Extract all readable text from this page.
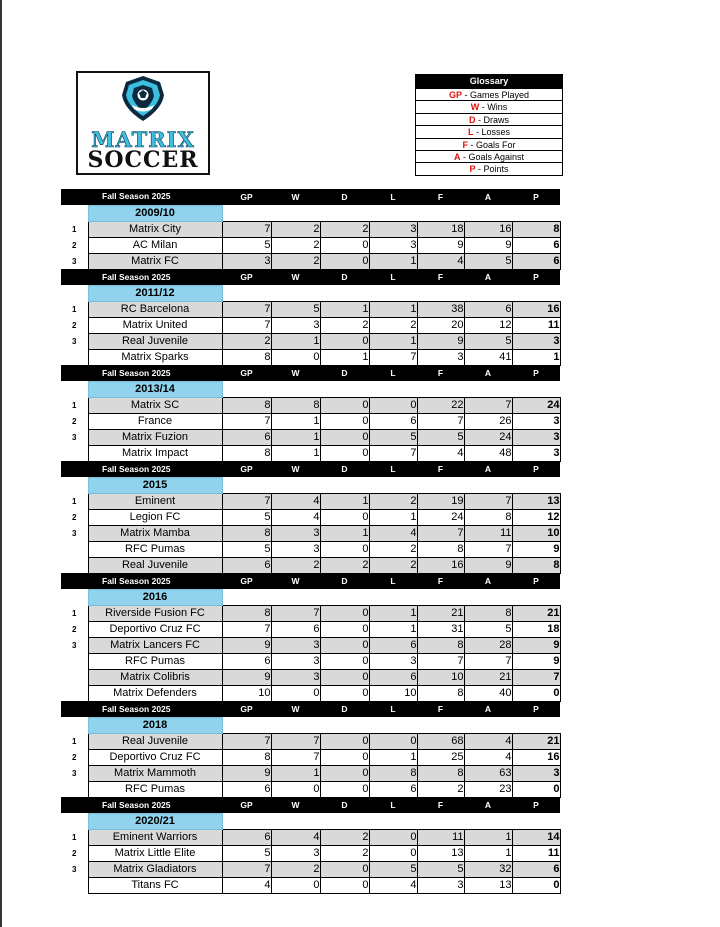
MATRIX
SOCCER
Glossary
GP - Games Played
W - Wins
D - Draws
L - Losses
F - Goals For
A - Goals Against
P - Points
Fall Season 2025		GP	W	D	L	F	A	P
	2009/10							
1	Matrix City	7	2	2	3	18	16	8
2	AC Milan	5	2	0	3	9	9	6
3	Matrix FC	3	2	0	1	4	5	6
Fall Season 2025		GP	W	D	L	F	A	P
	2011/12							
1	RC Barcelona	7	5	1	1	38	6	16
2	Matrix United	7	3	2	2	20	12	11
3	Real Juvenile	2	1	0	1	9	5	3
	Matrix Sparks	8	0	1	7	3	41	1
Fall Season 2025		GP	W	D	L	F	A	P
	2013/14							
1	Matrix SC	8	8	0	0	22	7	24
2	France	7	1	0	6	7	26	3
3	Matrix Fuzion	6	1	0	5	5	24	3
	Matrix Impact	8	1	0	7	4	48	3
Fall Season 2025		GP	W	D	L	F	A	P
	2015							
1	Eminent	7	4	1	2	19	7	13
2	Legion FC	5	4	0	1	24	8	12
3	Matrix Mamba	8	3	1	4	7	11	10
	RFC Pumas	5	3	0	2	8	7	9
	Real Juvenile	6	2	2	2	16	9	8
Fall Season 2025		GP	W	D	L	F	A	P
	2016							
1	Riverside Fusion FC	8	7	0	1	21	8	21
2	Deportivo Cruz FC	7	6	0	1	31	5	18
3	Matrix Lancers FC	9	3	0	6	8	28	9
	RFC Pumas	6	3	0	3	7	7	9
	Matrix Colibris	9	3	0	6	10	21	7
	Matrix Defenders	10	0	0	10	8	40	0
Fall Season 2025		GP	W	D	L	F	A	P
	2018							
1	Real Juvenile	7	7	0	0	68	4	21
2	Deportivo Cruz FC	8	7	0	1	25	4	16
3	Matrix Mammoth	9	1	0	8	8	63	3
	RFC Pumas	6	0	0	6	2	23	0
Fall Season 2025		GP	W	D	L	F	A	P
	2020/21							
1	Eminent Warriors	6	4	2	0	11	1	14
2	Matrix Little Elite	5	3	2	0	13	1	11
3	Matrix Gladiators	7	2	0	5	5	32	6
	Titans FC	4	0	0	4	3	13	0
